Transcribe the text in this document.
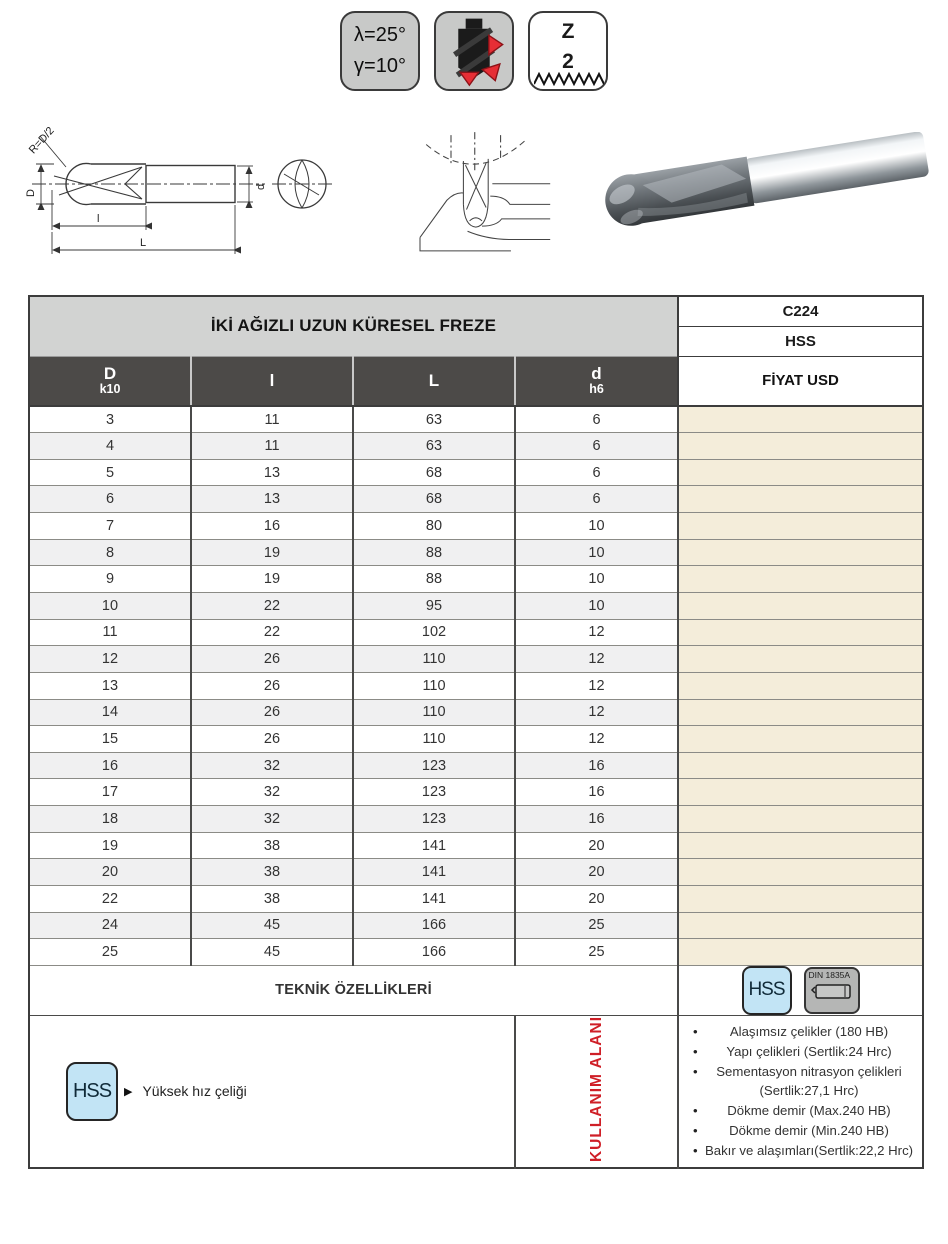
λ=25°
γ=10°
Z
2
R=D/2
D
l
L
d
İKİ AĞIZLI UZUN KÜRESEL FREZE				C224
				HSS

D
k10	l	L	d
h6	FİYAT USD
3	11	63	6	
4	11	63	6	
5	13	68	6	
6	13	68	6	
7	16	80	10	
8	19	88	10	
9	19	88	10	
10	22	95	10	
11	22	102	12	
12	26	110	12	
13	26	110	12	
14	26	110	12	
15	26	110	12	
16	32	123	16	
17	32	123	16	
18	32	123	16	
19	38	141	20	
20	38	141	20	
22	38	141	20	
24	45	166	25	
25	45	166	25	
TEKNİK ÖZELLİKLERİ				HSS
DIN 1835A

HSS	▶ Yüksek hız çeliği	KULLANIM ALANI	
•Alaşımsız çelikler (180 HB)
• Yapı çelikleri (Sertlik:24 Hrc)
• Sementasyon nitrasyon çelikleri (Sertlik:27,1 Hrc)
• Dökme demir (Max.240 HB)
• Dökme demir (Min.240 HB)
• Bakır ve alaşımları(Sertlik:22,2 Hrc)
